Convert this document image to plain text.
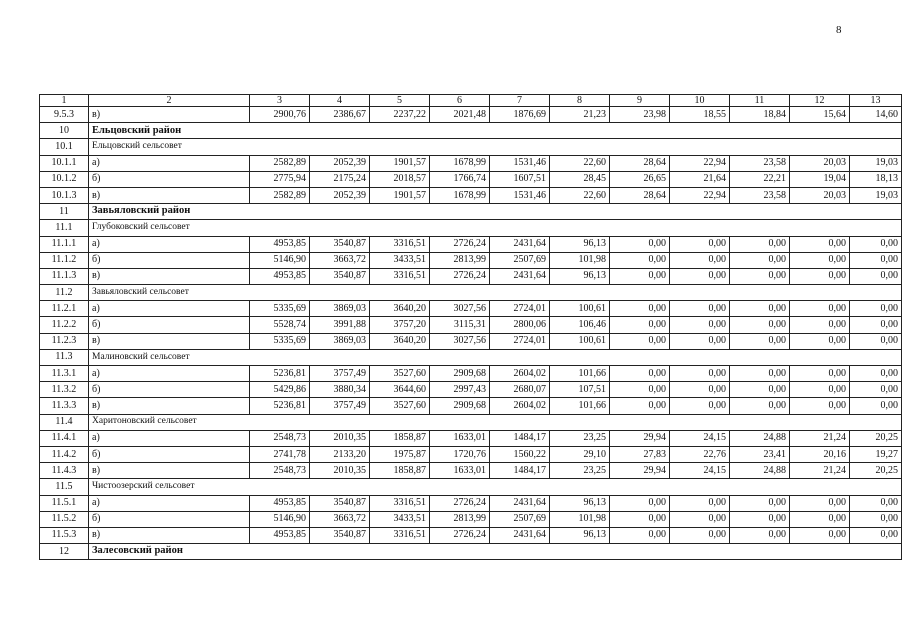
8
1	2	3	4	5	6	7	8	9	10	11	12	13
9.5.3	в)	2900,76	2386,67	2237,22	2021,48	1876,69	21,23	23,98	18,55	18,84	15,64	14,60
10	Ельцовский район											
10.1	Ельцовский сельсовет											
10.1.1	а)	2582,89	2052,39	1901,57	1678,99	1531,46	22,60	28,64	22,94	23,58	20,03	19,03
10.1.2	б)	2775,94	2175,24	2018,57	1766,74	1607,51	28,45	26,65	21,64	22,21	19,04	18,13
10.1.3	в)	2582,89	2052,39	1901,57	1678,99	1531,46	22,60	28,64	22,94	23,58	20,03	19,03
11	Завьяловский район											
11.1	Глубоковский сельсовет											
11.1.1	а)	4953,85	3540,87	3316,51	2726,24	2431,64	96,13	0,00	0,00	0,00	0,00	0,00
11.1.2	б)	5146,90	3663,72	3433,51	2813,99	2507,69	101,98	0,00	0,00	0,00	0,00	0,00
11.1.3	в)	4953,85	3540,87	3316,51	2726,24	2431,64	96,13	0,00	0,00	0,00	0,00	0,00
11.2	Завьяловский сельсовет											
11.2.1	а)	5335,69	3869,03	3640,20	3027,56	2724,01	100,61	0,00	0,00	0,00	0,00	0,00
11.2.2	б)	5528,74	3991,88	3757,20	3115,31	2800,06	106,46	0,00	0,00	0,00	0,00	0,00
11.2.3	в)	5335,69	3869,03	3640,20	3027,56	2724,01	100,61	0,00	0,00	0,00	0,00	0,00
11.3	Малиновский сельсовет											
11.3.1	а)	5236,81	3757,49	3527,60	2909,68	2604,02	101,66	0,00	0,00	0,00	0,00	0,00
11.3.2	б)	5429,86	3880,34	3644,60	2997,43	2680,07	107,51	0,00	0,00	0,00	0,00	0,00
11.3.3	в)	5236,81	3757,49	3527,60	2909,68	2604,02	101,66	0,00	0,00	0,00	0,00	0,00
11.4	Харитоновский сельсовет											
11.4.1	а)	2548,73	2010,35	1858,87	1633,01	1484,17	23,25	29,94	24,15	24,88	21,24	20,25
11.4.2	б)	2741,78	2133,20	1975,87	1720,76	1560,22	29,10	27,83	22,76	23,41	20,16	19,27
11.4.3	в)	2548,73	2010,35	1858,87	1633,01	1484,17	23,25	29,94	24,15	24,88	21,24	20,25
11.5	Чистоозерский сельсовет											
11.5.1	а)	4953,85	3540,87	3316,51	2726,24	2431,64	96,13	0,00	0,00	0,00	0,00	0,00
11.5.2	б)	5146,90	3663,72	3433,51	2813,99	2507,69	101,98	0,00	0,00	0,00	0,00	0,00
11.5.3	в)	4953,85	3540,87	3316,51	2726,24	2431,64	96,13	0,00	0,00	0,00	0,00	0,00
12	Залесовский район											
